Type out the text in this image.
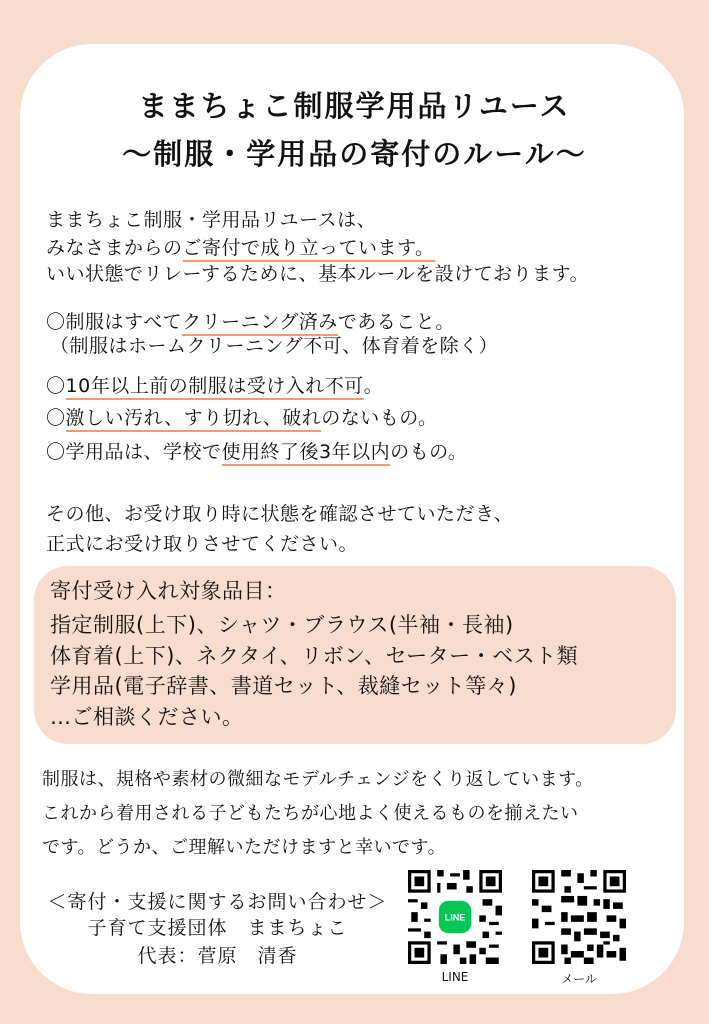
ままちょこ制服学用品リユース
〜制服・学用品の寄付のルール〜
ままちょこ制服・学用品リユースは、
みなさまからのご寄付で成り立っています。
いい状態でリレーするために、基本ルールを設けております。
〇制服はすべてクリーニング済みであること。
（制服はホームクリーニング不可、体育着を除く）
〇10年以上前の制服は受け入れ不可。
〇激しい汚れ、すり切れ、破れのないもの。
〇学用品は、学校で使用終了後3年以内のもの。
その他、お受け取り時に状態を確認させていただき、
正式にお受け取りさせてください。
寄付受け入れ対象品目：
指定制服(上下)、シャツ・ブラウス(半袖・長袖)
体育着(上下)、ネクタイ、リボン、セーター・ベスト類
学用品(電子辞書、書道セット、裁縫セット等々)
…ご相談ください。
制服は、規格や素材の微細なモデルチェンジをくり返しています。
これから着用される子どもたちが心地よく使えるものを揃えたい
です。どうか、ご理解いただけますと幸いです。
＜寄付・支援に関するお問い合わせ＞
子育て支援団体　ままちょこ
代表：菅原　清香
LINE
LINE	メール
